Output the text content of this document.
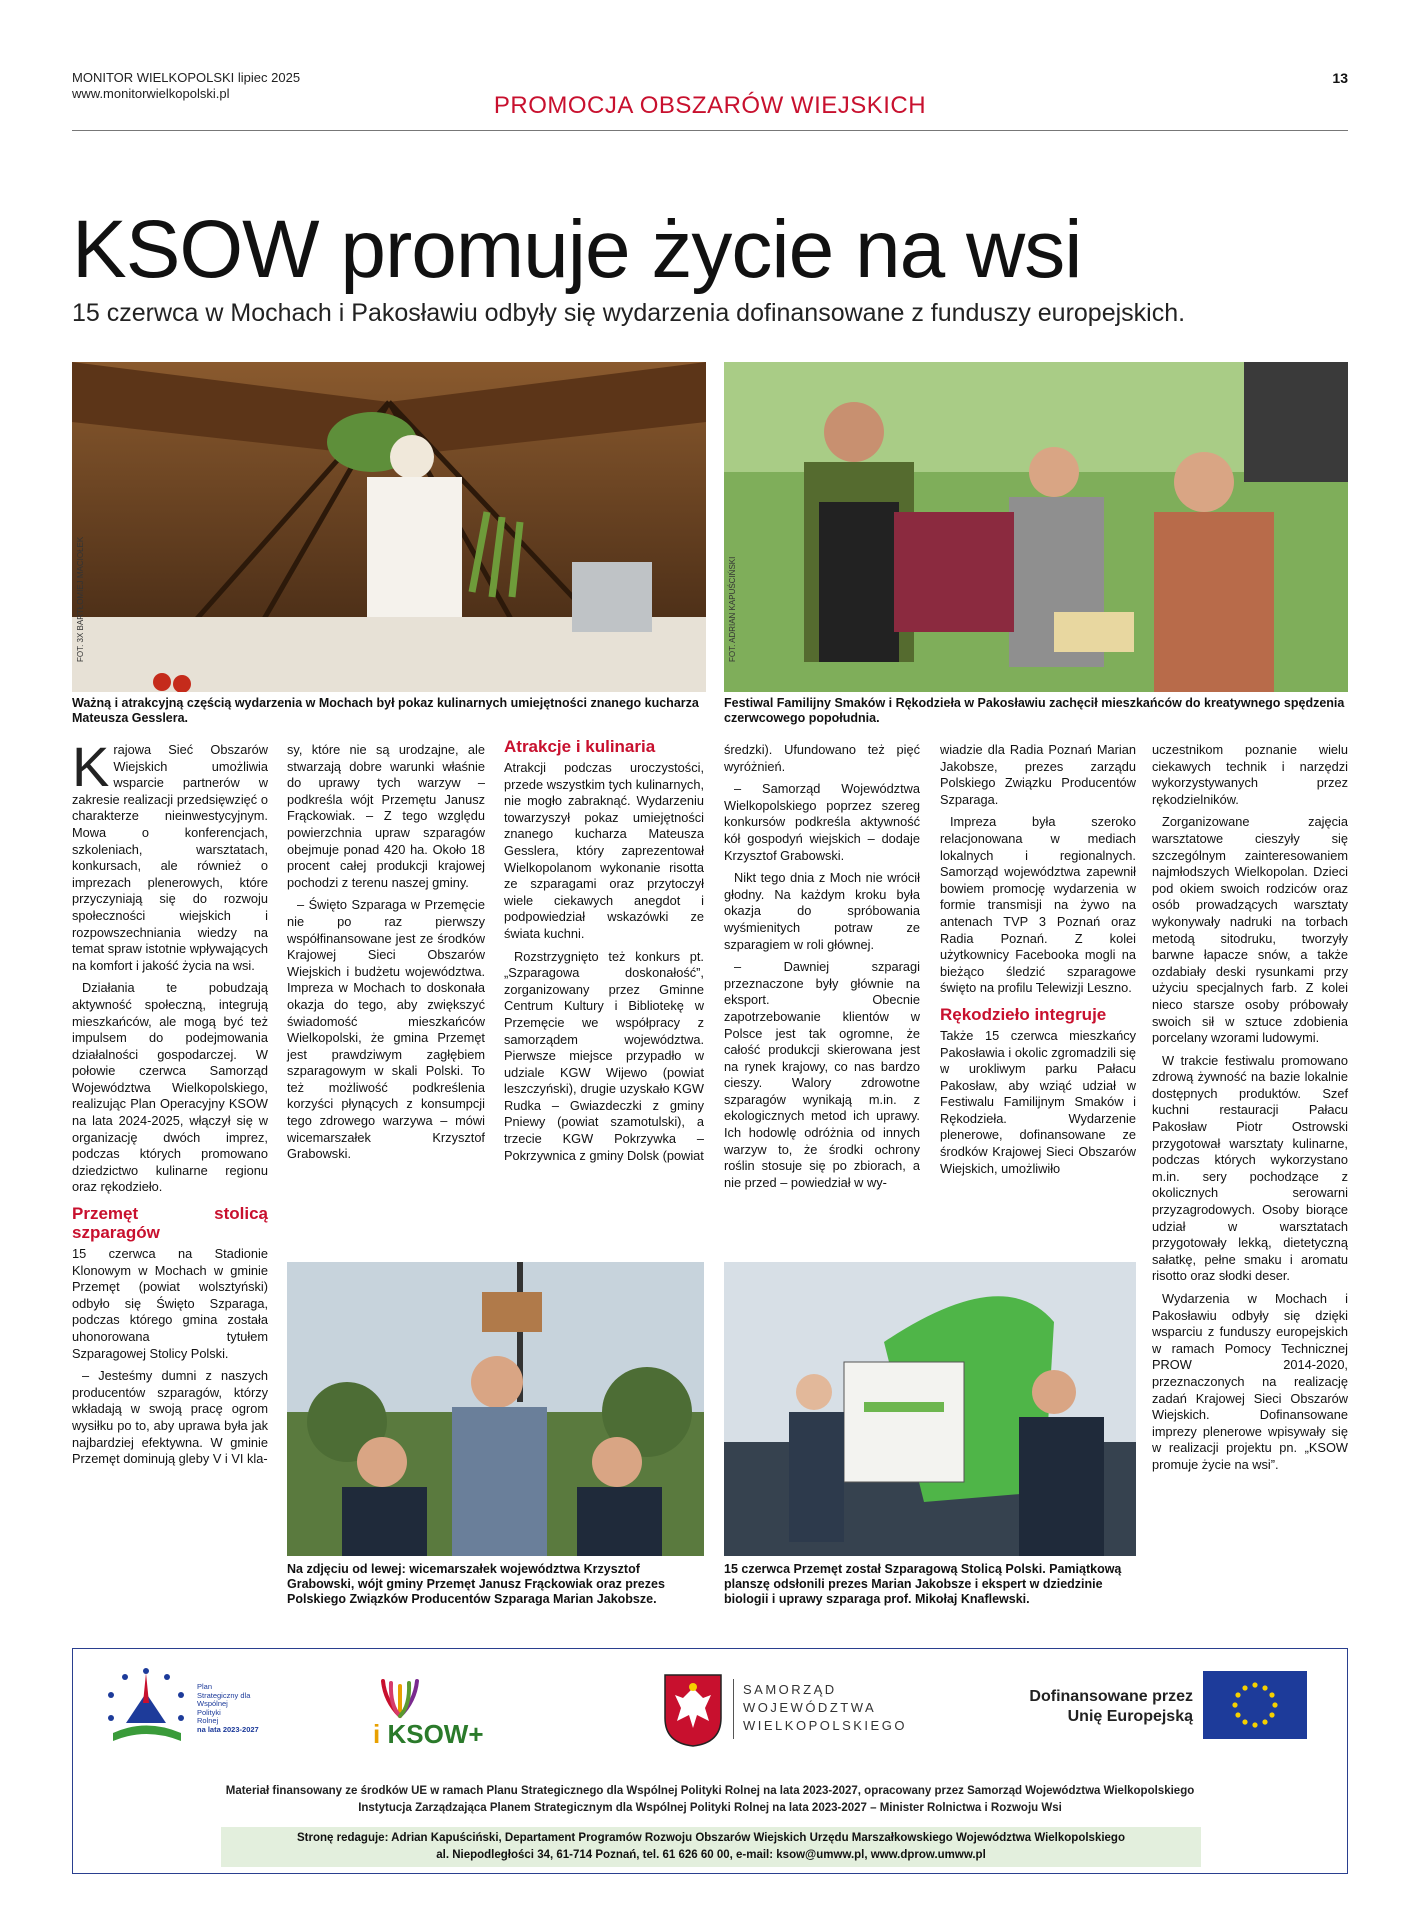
MONITOR WIELKOPOLSKI lipiec 2025
www.monitorwielkopolski.pl	PROMOCJA OBSZARÓW WIEJSKICH
13
KSOW promuje życie na wsi
15 czerwca w Mochach i Pakosławiu odbyły się wydarzenia dofinansowane z funduszy europejskich.
FOT. 3X BARTŁOMIEJ MACIOŁEK
Ważną i atrakcyjną częścią wydarzenia w Mochach był pokaz kulinarnych umiejętności znanego kucharza Mateusza Gesslera.
FOT. ADRIAN KAPUŚCIŃSKI
Festiwal Familijny Smaków i Rękodzieła w Pakosławiu zachęcił mieszkańców do kreatywnego spędzenia czerwcowego popołudnia.

Krajowa Sieć Obszarów Wiejskich umożliwia wsparcie partnerów w zakresie realizacji przedsięwzięć o charakterze nieinwestycyjnym. Mowa o konferencjach, szkoleniach, warsztatach, konkursach, ale również o imprezach plenerowych, które przyczyniają się do rozwoju społeczności wiejskich i rozpowszechniania wiedzy na temat spraw istotnie wpływających na komfort i jakość życia na wsi.

Działania te pobudzają aktywność społeczną, integrują mieszkańców, ale mogą być też impulsem do podejmowania działalności gospodarczej. W połowie czerwca Samorząd Województwa Wielkopolskiego, realizując Plan Operacyjny KSOW na lata 2024-2025, włączył się w organizację dwóch imprez, podczas których promowano dziedzictwo kulinarne regionu oraz rękodzieło.

Przemęt stolicą szparagów

15 czerwca na Stadionie Klonowym w Mochach w gminie Przemęt (powiat wolsztyński) odbyło się Święto Szparaga, podczas którego gmina została uhonorowana tytułem Szparagowej Stolicy Polski.

– Jesteśmy dumni z naszych producentów szparagów, którzy wkładają w swoją pracę ogrom wysiłku po to, aby uprawa była jak najbardziej efektywna. W gminie Przemęt dominują gleby V i VI kla-

sy, które nie są urodzajne, ale stwarzają dobre warunki właśnie do uprawy tych warzyw – podkreśla wójt Przemętu Janusz Frąckowiak. – Z tego względu powierzchnia upraw szparagów obejmuje ponad 420 ha. Około 18 procent całej produkcji krajowej pochodzi z terenu naszej gminy.

– Święto Szparaga w Przemęcie nie po raz pierwszy współfinansowane jest ze środków Krajowej Sieci Obszarów Wiejskich i budżetu województwa. Impreza w Mochach to doskonała okazja do tego, aby zwiększyć świadomość mieszkańców Wielkopolski, że gmina Przemęt jest prawdziwym zagłębiem szparagowym w skali Polski. To też możliwość podkreślenia korzyści płynących z konsumpcji tego zdrowego warzywa – mówi wicemarszałek Krzysztof Grabowski.

Atrakcje i kulinaria

Atrakcji podczas uroczystości, przede wszystkim tych kulinarnych, nie mogło zabraknąć. Wydarzeniu towarzyszył pokaz umiejętności znanego kucharza Mateusza Gesslera, który zaprezentował Wielkopolanom wykonanie risotta ze szparagami oraz przytoczył wiele ciekawych anegdot i podpowiedział wskazówki ze świata kuchni.

Rozstrzygnięto też konkurs pt. „Szparagowa doskonałość”, zorganizowany przez Gminne Centrum Kultury i Bibliotekę w Przemęcie we współpracy z samorządem województwa. Pierwsze miejsce przypadło w udziale KGW Wijewo (powiat leszczyński), drugie uzyskało KGW Rudka – Gwiazdeczki z gminy Pniewy (powiat szamotulski), a trzecie KGW Pokrzywka – Pokrzywnica z gminy Dolsk (powiat

średzki). Ufundowano też pięć wyróżnień.

– Samorząd Województwa Wielkopolskiego poprzez szereg konkursów podkreśla aktywność kół gospodyń wiejskich – dodaje Krzysztof Grabowski.

Nikt tego dnia z Moch nie wrócił głodny. Na każdym kroku była okazja do spróbowania wyśmienitych potraw ze szparagiem w roli głównej.

– Dawniej szparagi przeznaczone były głównie na eksport. Obecnie zapotrzebowanie klientów w Polsce jest tak ogromne, że całość produkcji skierowana jest na rynek krajowy, co nas bardzo cieszy. Walory zdrowotne szparagów wynikają m.in. z ekologicznych metod ich uprawy. Ich hodowlę odróżnia od innych warzyw to, że środki ochrony roślin stosuje się po zbiorach, a nie przed – powiedział w wy-

wiadzie dla Radia Poznań Marian Jakobsze, prezes zarządu Polskiego Związku Producentów Szparaga.

Impreza była szeroko relacjonowana w mediach lokalnych i regionalnych. Samorząd województwa zapewnił bowiem promocję wydarzenia w formie transmisji na żywo na antenach TVP 3 Poznań oraz Radia Poznań. Z kolei użytkownicy Facebooka mogli na bieżąco śledzić szparagowe święto na profilu Telewizji Leszno.

Rękodzieło integruje

Także 15 czerwca mieszkańcy Pakosławia i okolic zgromadzili się w urokliwym parku Pałacu Pakosław, aby wziąć udział w Festiwalu Familijnym Smaków i Rękodzieła. Wydarzenie plenerowe, dofinansowane ze środków Krajowej Sieci Obszarów Wiejskich, umożliwiło

uczestnikom poznanie wielu ciekawych technik i narzędzi wykorzystywanych przez rękodzielników.

Zorganizowane zajęcia warsztatowe cieszyły się szczególnym zainteresowaniem najmłodszych Wielkopolan. Dzieci pod okiem swoich rodziców oraz osób prowadzących warsztaty wykonywały nadruki na torbach metodą sitodruku, tworzyły barwne łapacze snów, a także ozdabiały deski rysunkami przy użyciu specjalnych farb. Z kolei nieco starsze osoby próbowały swoich sił w sztuce zdobienia porcelany wzorami ludowymi.

W trakcie festiwalu promowano zdrową żywność na bazie lokalnie dostępnych produktów. Szef kuchni restauracji Pałacu Pakosław Piotr Ostrowski przygotował warsztaty kulinarne, podczas których wykorzystano m.in. sery pochodzące z okolicznych serowarni przyzagrodowych. Osoby biorące udział w warsztatach przygotowały lekką, dietetyczną sałatkę, pełne smaku i aromatu risotto oraz słodki deser.

Wydarzenia w Mochach i Pakosławiu odbyły się dzięki wsparciu z funduszy europejskich w ramach Pomocy Technicznej PROW 2014-2020, przeznaczonych na realizację zadań Krajowej Sieci Obszarów Wiejskich. Dofinansowane imprezy plenerowe wpisywały się w realizacji projektu pn. „KSOW promuje życie na wsi”.

Na zdjęciu od lewej: wicemarszałek województwa Krzysztof Grabowski, wójt gminy Przemęt Janusz Frąckowiak oraz prezes Polskiego Związków Producentów Szparaga Marian Jakobsze.
15 czerwca Przemęt został Szparagową Stolicą Polski. Pamiątkową planszę odsłonili prezes Marian Jakobsze i ekspert w dziedzinie biologii i uprawy szparaga prof. Mikołaj Knaflewski.
Plan
Strategiczny dla
Wspólnej
Polityki
Rolnej
na lata 2023-2027	i KSOW+
SAMORZĄD
WOJEWÓDZTWA
WIELKOPOLSKIEGO
Dofinansowane przez
Unię Europejską
Materiał finansowany ze środków UE w ramach Planu Strategicznego dla Wspólnej Polityki Rolnej na lata 2023-2027, opracowany przez Samorząd Województwa Wielkopolskiego
Instytucja Zarządzająca Planem Strategicznym dla Wspólnej Polityki Rolnej na lata 2023-2027 – Minister Rolnictwa i Rozwoju Wsi
Stronę redaguje: Adrian Kapuściński, Departament Programów Rozwoju Obszarów Wiejskich Urzędu Marszałkowskiego Województwa Wielkopolskiego
al. Niepodległości 34, 61-714 Poznań, tel. 61 626 60 00, e-mail: ksow@umww.pl, www.dprow.umww.pl
